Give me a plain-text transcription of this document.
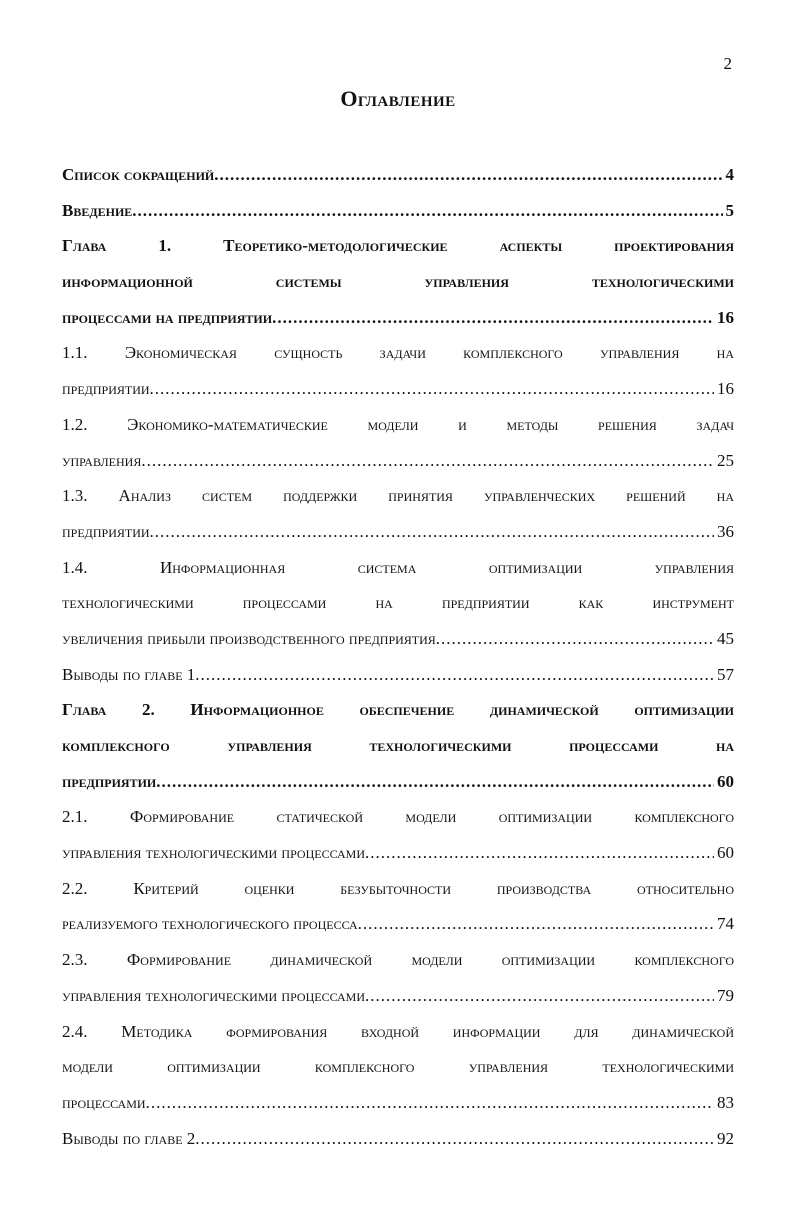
2
Оглавление
Список сокращений .....	4
Введение .....	5
Глава 1. Теоретико-методологические аспекты проектирования
информационной системы управления технологическими
процессами на предприятии .....	16
1.1. Экономическая сущность задачи комплексного управления на
предприятии .....	16
1.2. Экономико-математические модели и методы решения задач
управления .....	25
1.3. Анализ систем поддержки принятия управленческих решений на
предприятии .....	36
1.4. Информационная система оптимизации управления
технологическими процессами на предприятии как инструмент
увеличения прибыли производственного предприятия .....	45
Выводы по главе 1 .....	57
Глава 2. Информационное обеспечение динамической оптимизации
комплексного управления технологическими процессами на
предприятии .....	60
2.1. Формирование статической модели оптимизации комплексного
управления технологическими процессами .....	60
2.2. Критерий оценки безубыточности производства относительно
реализуемого технологического процесса .....	74
2.3. Формирование динамической модели оптимизации комплексного
управления технологическими процессами .....	79
2.4. Методика формирования входной информации для динамической
модели оптимизации комплексного управления технологическими
процессами .....	83
Выводы по главе 2 .....	92
